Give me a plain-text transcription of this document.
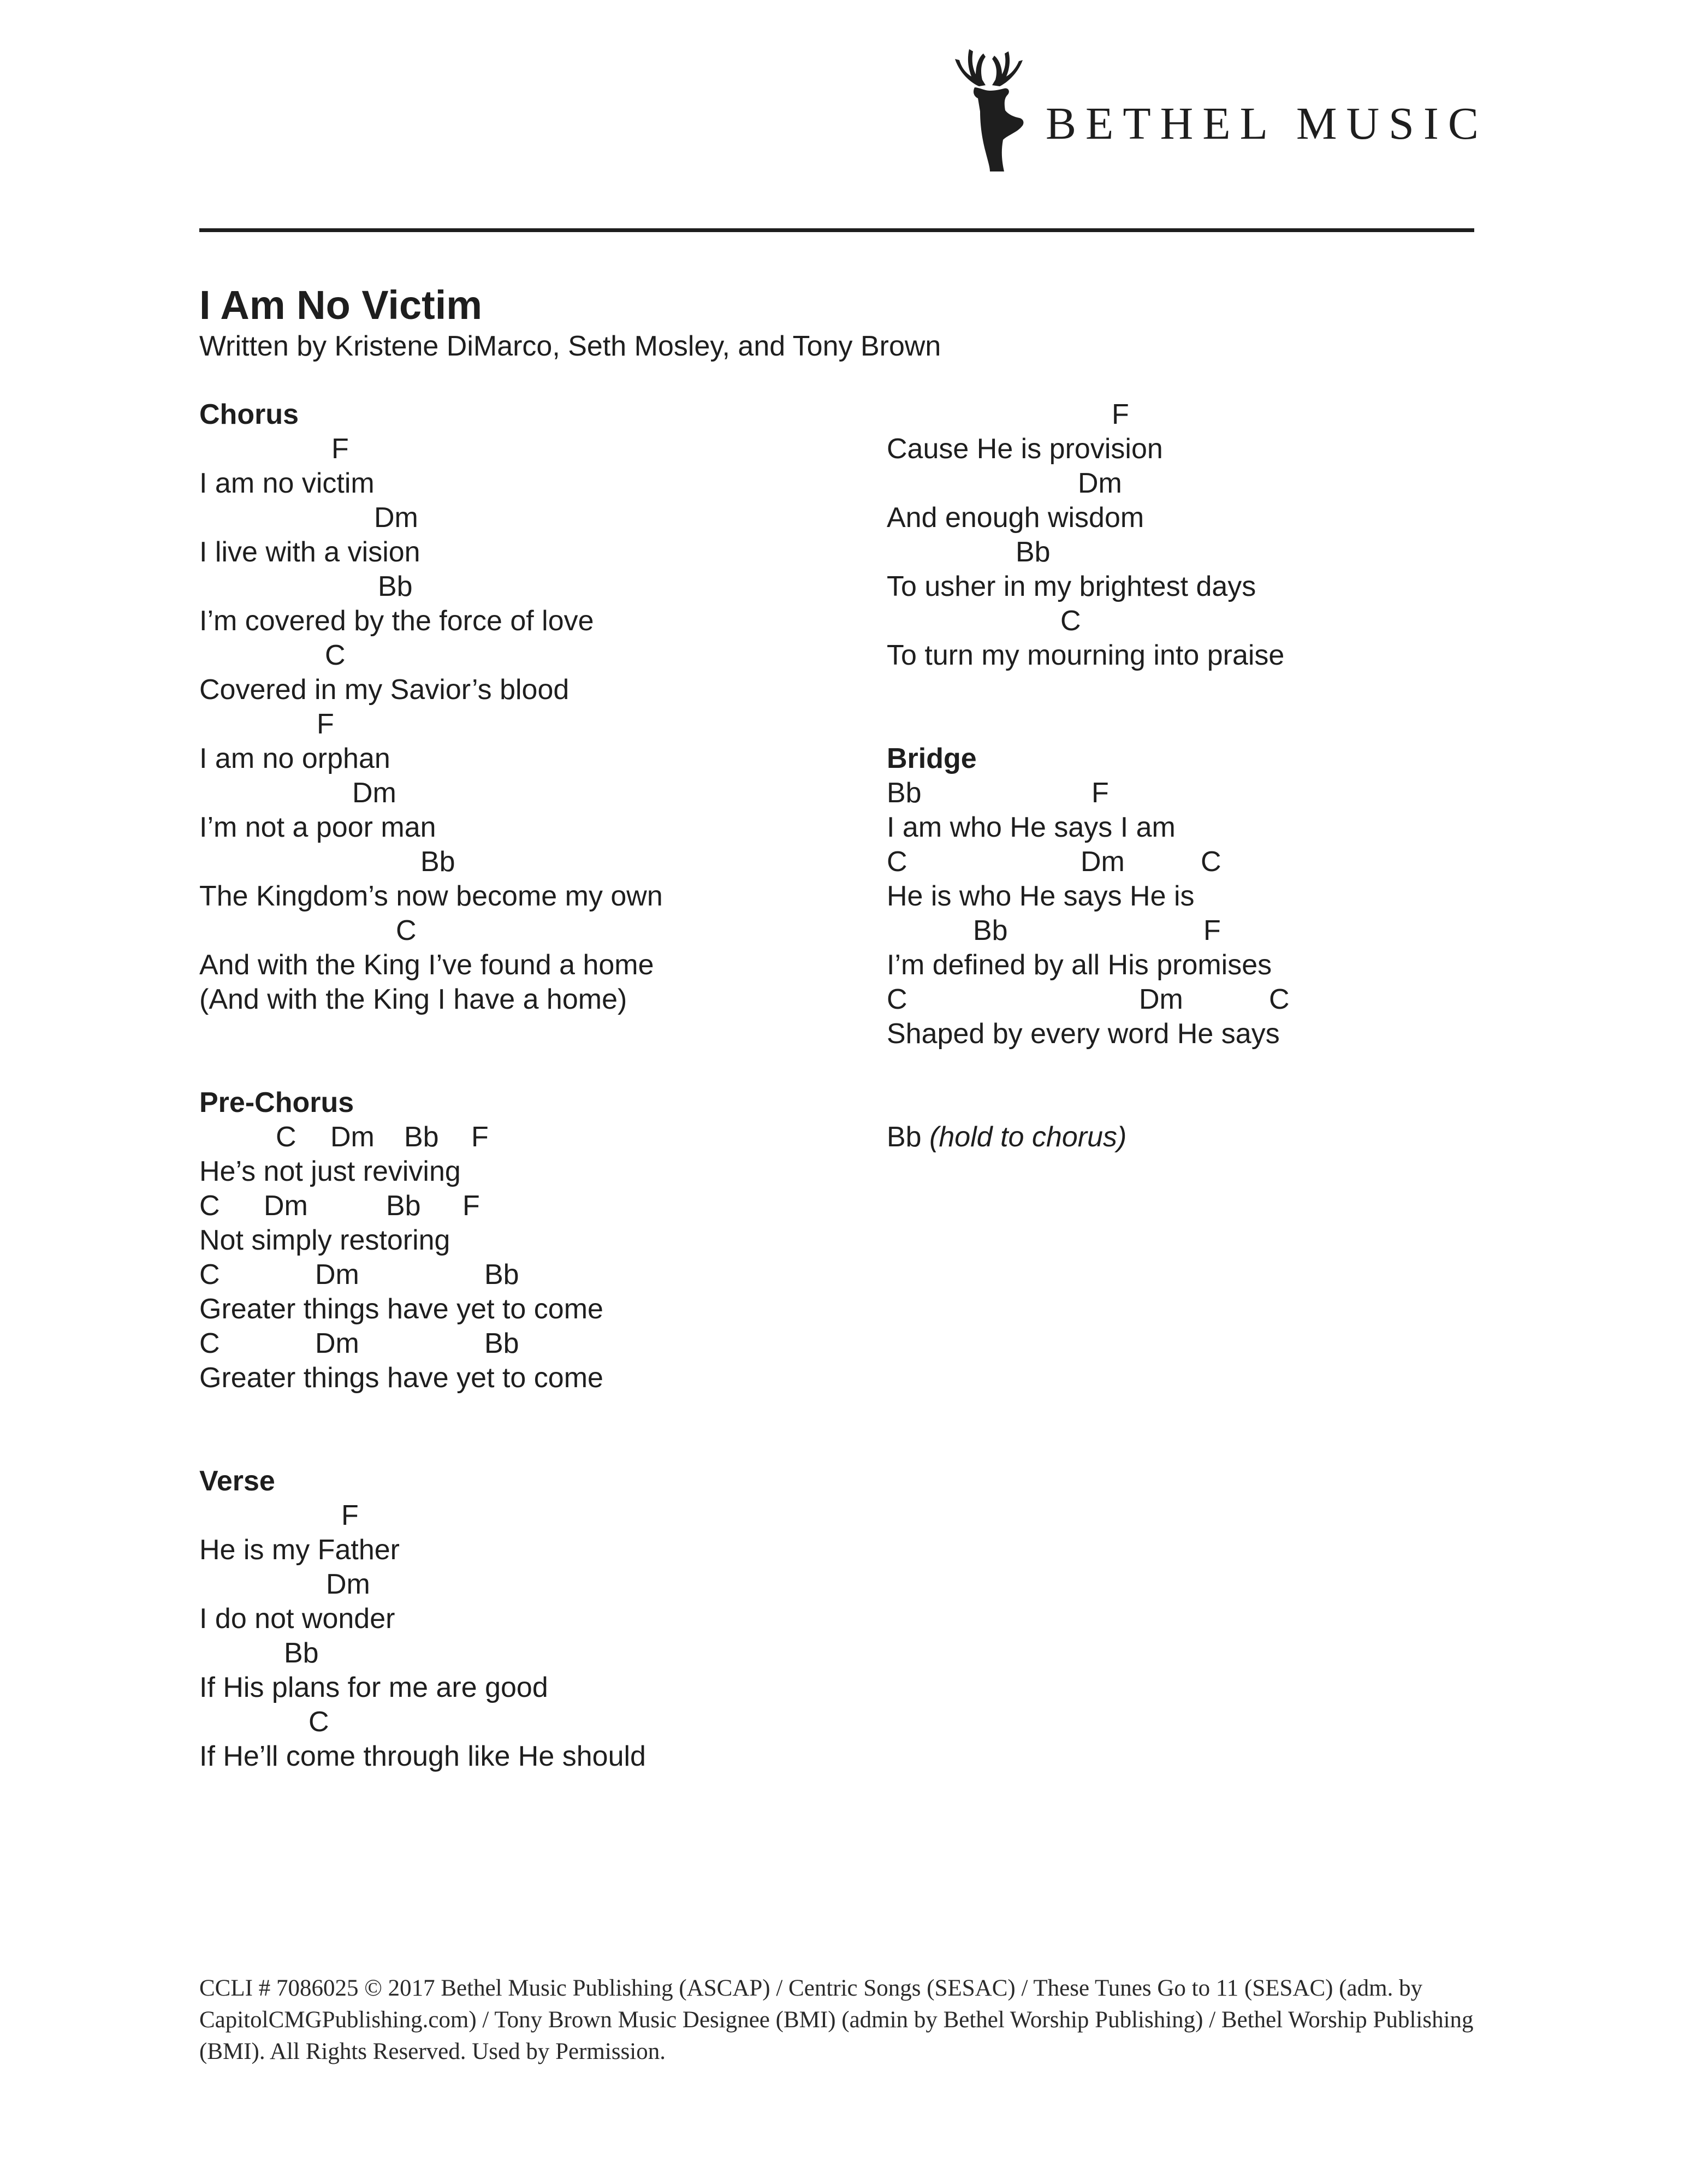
BETHEL MUSIC
I Am No Victim
Written by Kristene DiMarco, Seth Mosley, and Tony Brown
Chorus
F
I am no victim
Dm
I live with a vision
Bb
I’m covered by the force of love
C
Covered in my Savior’s blood
F
I am no orphan
Dm
I’m not a poor man
Bb
The Kingdom’s now become my own
C
And with the King I’ve found a home
(And with the King I have a home)
Pre-Chorus
C Dm Bb F
He’s not just reviving
C Dm	Bb F
Not simply restoring
C	Dm	Bb
Greater things have yet to come
C	Dm	Bb
Greater things have yet to come
Verse
F
He is my Father
Dm
I do not wonder
Bb
If His plans for me are good
C
If He’ll come through like He should
F
Cause He is provision
Dm
And enough wisdom
Bb
To usher in my brightest days
C
To turn my mourning into praise
Bridge
Bb	F
I am who He says I am
C	Dm	C
He is who He says He is
Bb	F
I’m defined by all His promises
C	Dm	C
Shaped by every word He says
Bb (hold to chorus)
CCLI # 7086025 © 2017 Bethel Music Publishing (ASCAP) / Centric Songs (SESAC) / These Tunes Go to 11 (SESAC) (adm. by CapitolCMGPublishing.com) / Tony Brown Music Designee (BMI) (admin by Bethel Worship Publishing) / Bethel Worship Publishing (BMI). All Rights Reserved. Used by Permission.
